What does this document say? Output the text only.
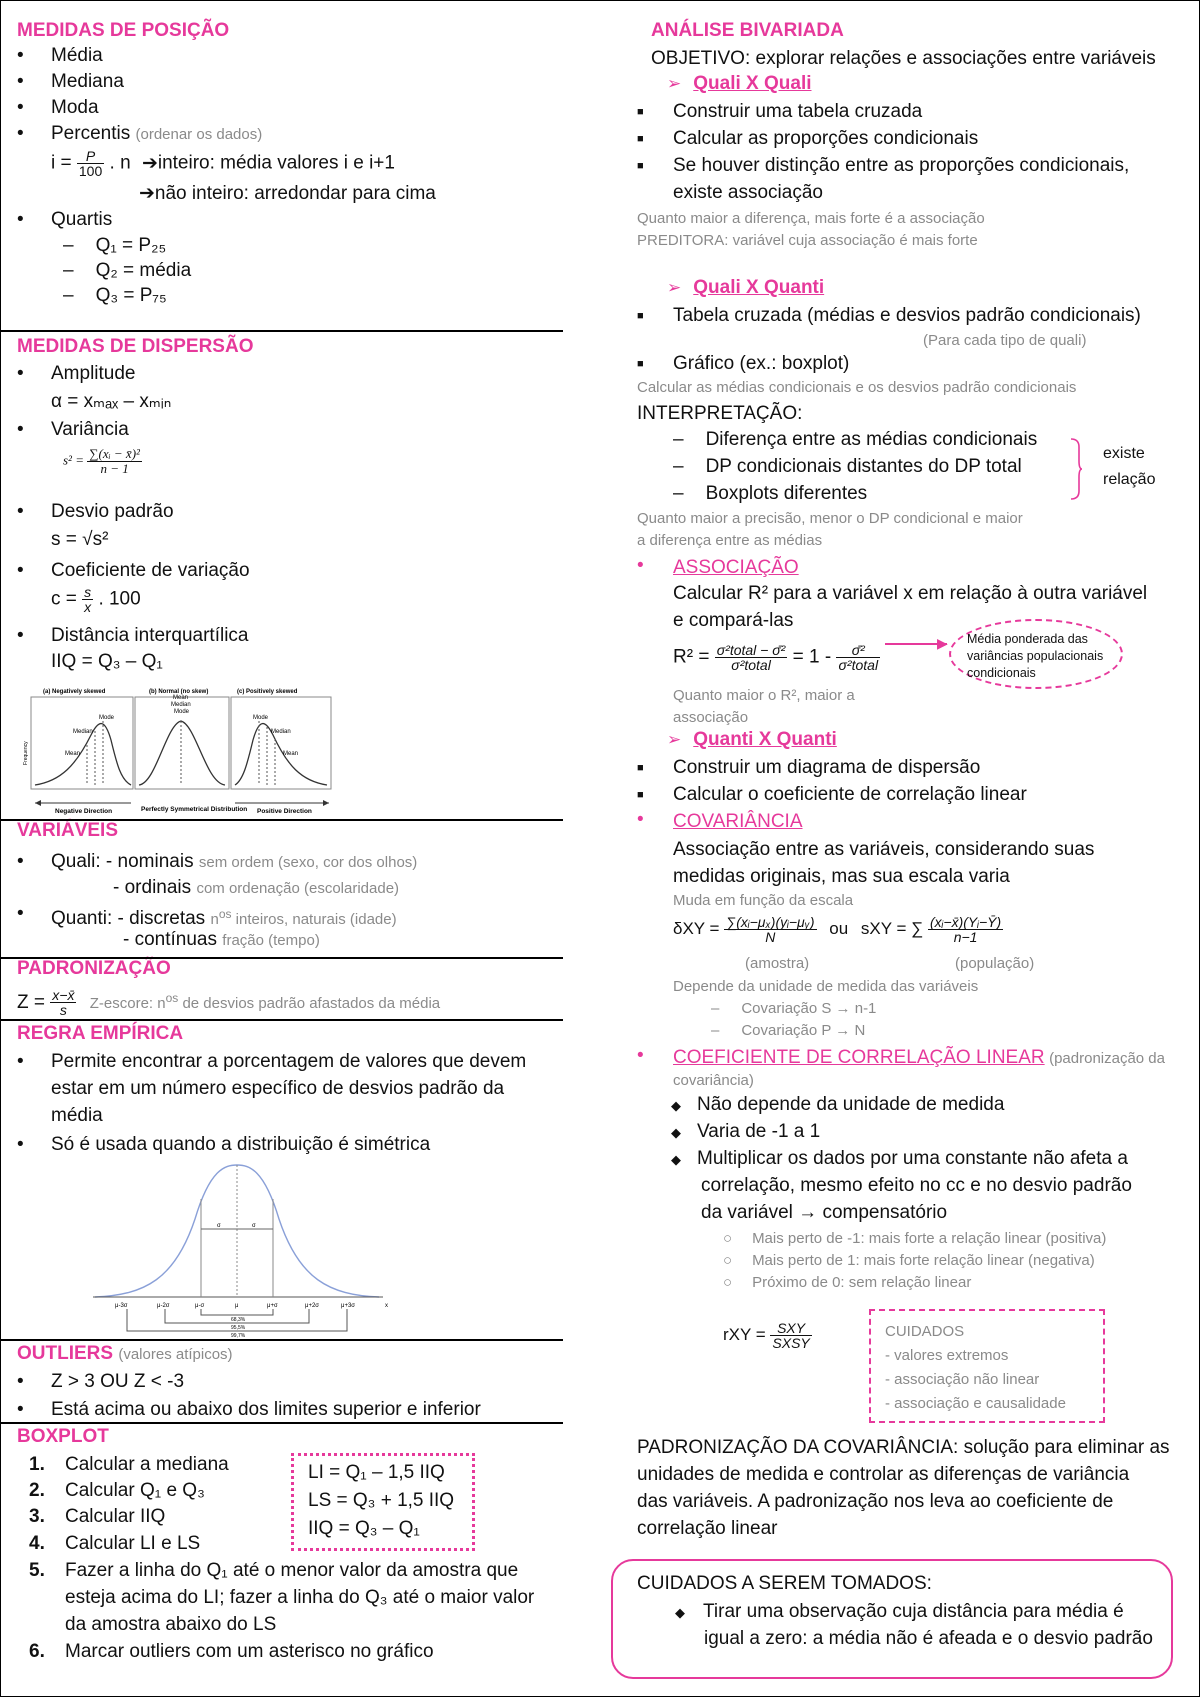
MEDIDAS DE POSIÇÃO
•	Média
•	Mediana
•	Moda
•	Percentis (ordenar os dados)
$i = \frac{P}{100}$ . n ➔inteiro: média valores i e i+1
➔não inteiro: arredondar para cima
•	Quartis
– Q₁ = P₂₅
– Q₂ = média
– Q₃ = P₇₅
MEDIDAS DE DISPERSÃO
•	Amplitude
α = xₘₐₓ – xₘᵢₙ
•	Variância
$s^2 = \frac{\text{∑(xᵢ − x̄)²}}{n - 1}$
•	Desvio padrão
s = √s²
•	Coeficiente de variação
$c = \frac{s}{x}$ . 100
•	Distância interquartílica
IIQ = Q₃ – Q₁
(a) Negatively skewed	(b) Normal (no skew)	(c) Positively skewed
Mode
Median
Mean
Mean
Median
Mode
Mode
Median
Mean
Negative Direction	Perfectly Symmetrical Distribution Positive Direction
Frequency
VARIÁVEIS
•	Quali: - nominais sem ordem (sexo, cor dos olhos)
- ordinais com ordenação (escolaridade)
•	Quanti: - discretas $n^{os}$ inteiros, naturais (idade)
- contínuas fração (tempo)
PADRONIZAÇÃO
$Z = \frac{x-x̄}{s}$ Z-escore: $n^{os}$ de desvios padrão afastados da média
REGRA EMPÍRICA
•	Permite encontrar a porcentagem de valores que devem
estar em um número específico de desvios padrão da
média
•	Só é usada quando a distribuição é simétrica
σ	σ
μ-3σ	μ-2σ	μ-σ	μ	μ+σ	μ+2σ	μ+3σ	x
68,3%
95,5%
99,7%
OUTLIERS (valores atípicos)
•	Z > 3 OU Z < -3
•	Está acima ou abaixo dos limites superior e inferior
BOXPLOT
1. Calcular a mediana
2. Calcular Q₁ e Q₃
3. Calcular IIQ
4. Calcular LI e LS
5. Fazer a linha do Q₁ até o menor valor da amostra que
esteja acima do LI; fazer a linha do Q₃ até o maior valor
da amostra abaixo do LS
6. Marcar outliers com um asterisco no gráfico
LI = Q₁ – 1,5 IIQ
LS = Q₃ + 1,5 IIQ
IIQ = Q₃ – Q₁
ANÁLISE BIVARIADA
OBJETIVO: explorar relações e associações entre variáveis
➢ Quali X Quali
■	Construir uma tabela cruzada
■	Calcular as proporções condicionais
■	Se houver distinção entre as proporções condicionais,
existe associação
Quanto maior a diferença, mais forte é a associação
PREDITORA: variável cuja associação é mais forte
➢ Quali X Quanti
■	Tabela cruzada (médias e desvios padrão condicionais)
(Para cada tipo de quali)
■	Gráfico (ex.: boxplot)
Calcular as médias condicionais e os desvios padrão condicionais
INTERPRETAÇÃO:
– Diferença entre as médias condicionais
– DP condicionais distantes do DP total
– Boxplots diferentes
existe
relação
Quanto maior a precisão, menor o DP condicional e maior
a diferença entre as médias
•	ASSOCIAÇÃO
Calcular R² para a variável x em relação à outra variável
e compará-las
$R^2 = \frac{\text{σ²total − σ̄²}}{\text{σ²total}} = 1 - \frac{\text{σ̄²}}{\text{σ²total}}$	▶ Média ponderada das variâncias populacionais condicionais
Quanto maior o R², maior a
associação
➢ Quanti X Quanti
■	Construir um diagrama de dispersão
■	Calcular o coeficiente de correlação linear
•	COVARIÂNCIA
Associação entre as variáveis, considerando suas
medidas originais, mas sua escala varia
Muda em função da escala
$\delta XY = \frac{\text{∑(xᵢ−μₓ)(yᵢ−μᵧ)}}{N}$ ou sXY = ∑ $\frac{\text{(xᵢ−x̄)(Yᵢ−Ȳ)}}{n-1}$
(amostra)	(população)
Depende da unidade de medida das variáveis
– Covariação S → n-1
– Covariação P → N
•	COEFICIENTE DE CORRELAÇÃO LINEAR (padronização da
covariância)
◆ Não depende da unidade de medida
◆ Varia de -1 a 1
◆ Multiplicar os dados por uma constante não afeta a
correlação, mesmo efeito no cc e no desvio padrão
da variável → compensatório
○ Mais perto de -1: mais forte a relação linear (positiva)
○ Mais perto de 1: mais forte relação linear (negativa)
○ Próximo de 0: sem relação linear
rXY = $\frac{\text{SXY}}{\text{SXSY}}$	CUIDADOS
- valores extremos
- associação não linear
- associação e causalidade
PADRONIZAÇÃO DA COVARIÂNCIA: solução para eliminar as
unidades de medida e controlar as diferenças de variância
das variáveis. A padronização nos leva ao coeficiente de
correlação linear
CUIDADOS A SEREM TOMADOS:
◆ Tirar uma observação cuja distância para média é
igual a zero: a média não é afeada e o desvio padrão
